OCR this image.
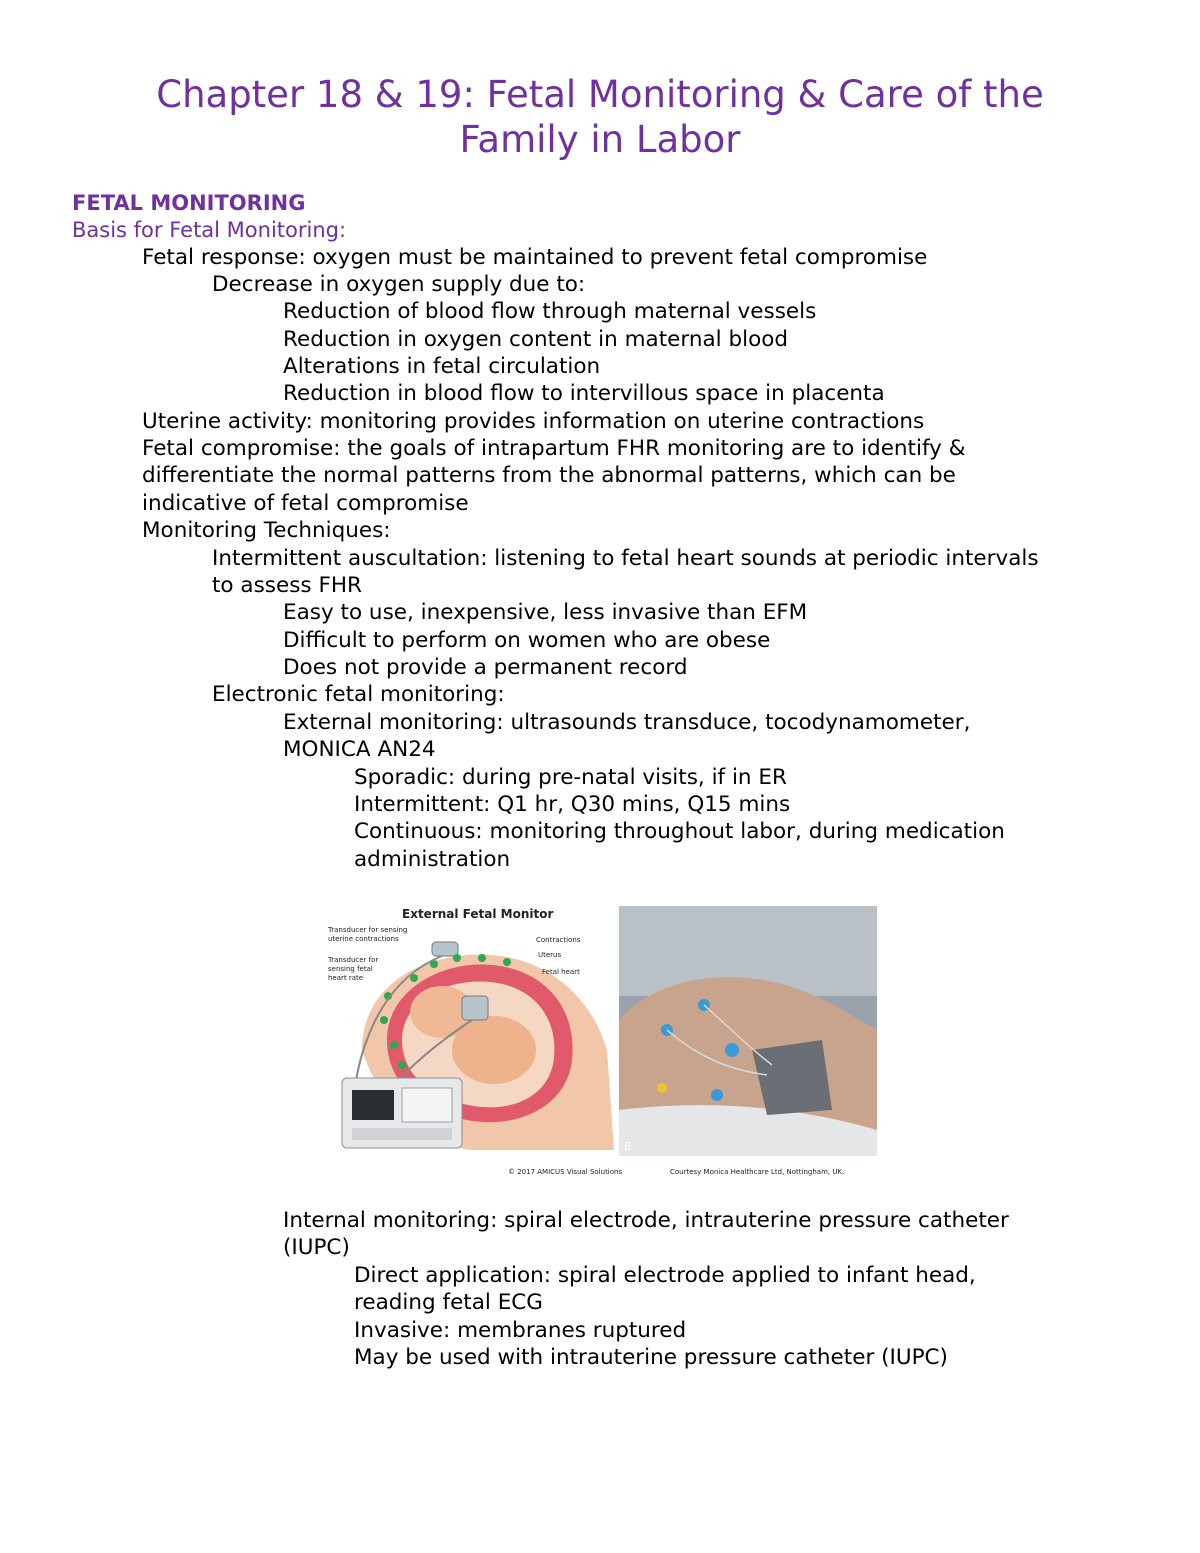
Chapter 18 & 19: Fetal Monitoring & Care of the
Family in Labor
FETAL MONITORING
Basis for Fetal Monitoring:
Fetal response: oxygen must be maintained to prevent fetal compromise
Decrease in oxygen supply due to:
Reduction of blood flow through maternal vessels
Reduction in oxygen content in maternal blood
Alterations in fetal circulation
Reduction in blood flow to intervillous space in placenta
Uterine activity: monitoring provides information on uterine contractions
Fetal compromise: the goals of intrapartum FHR monitoring are to identify &
differentiate the normal patterns from the abnormal patterns, which can be
indicative of fetal compromise
Monitoring Techniques:
Intermittent auscultation: listening to fetal heart sounds at periodic intervals
to assess FHR
Easy to use, inexpensive, less invasive than EFM
Difficult to perform on women who are obese
Does not provide a permanent record
Electronic fetal monitoring:
External monitoring: ultrasounds transduce, tocodynamometer,
MONICA AN24
Sporadic: during pre-natal visits, if in ER
Intermittent: Q1 hr, Q30 mins, Q15 mins
Continuous: monitoring throughout labor, during medication
administration
External Fetal Monitor
Transducer for sensing
uterine contractions
Transducer for
sensing fetal
heart rate
Contractions
Uterus
Fetal heart
© 2017 AMICUS Visual Solutions
B
Courtesy Monica Healthcare Ltd, Nottingham, UK.
Internal monitoring: spiral electrode, intrauterine pressure catheter
(IUPC)
Direct application: spiral electrode applied to infant head,
reading fetal ECG
Invasive: membranes ruptured
May be used with intrauterine pressure catheter (IUPC)
